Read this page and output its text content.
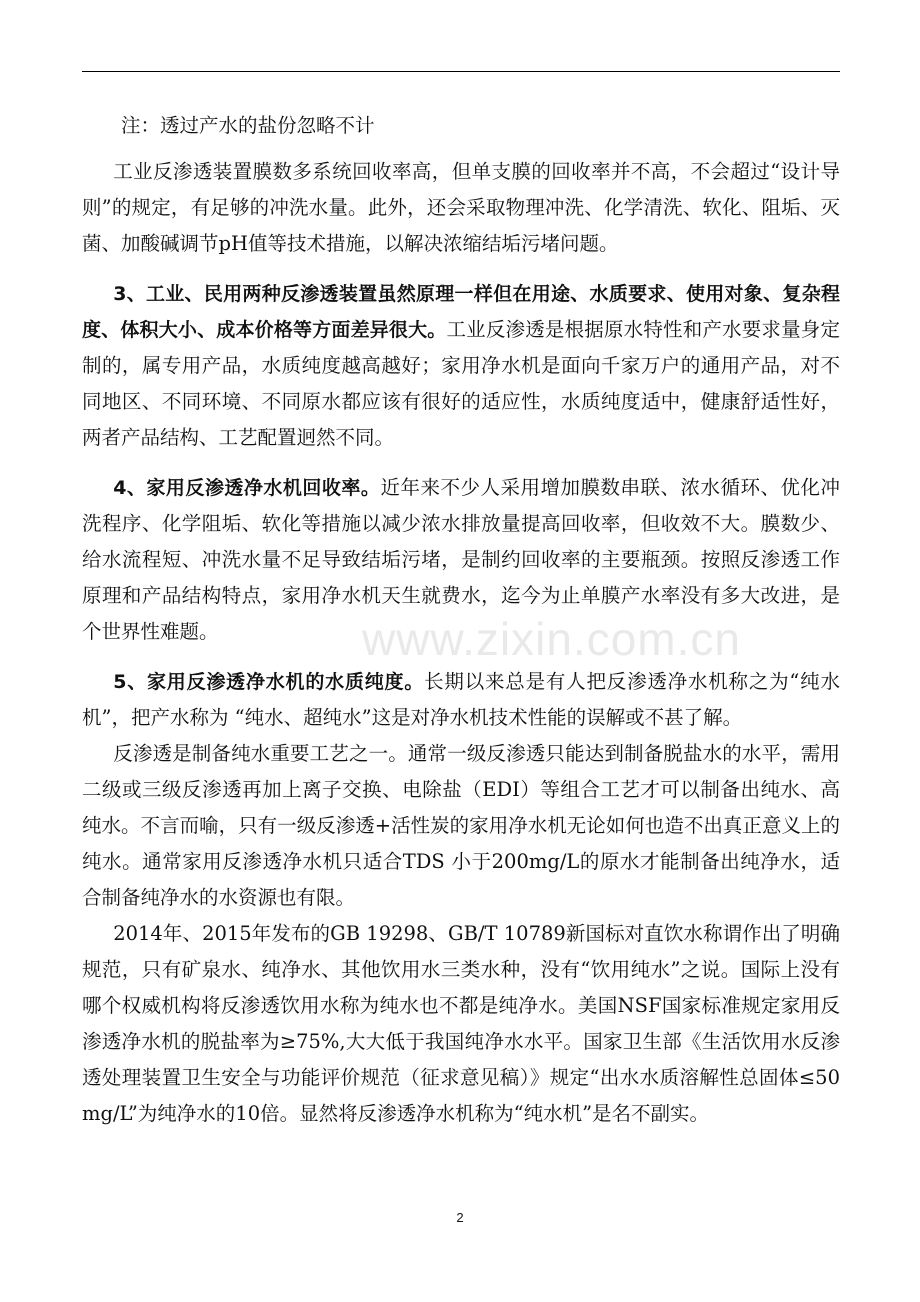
www.zixin.com.cn

注：透过产水的盐份忽略不计

工业反渗透装置膜数多系统回收率高，但单支膜的回收率并不高，不会超过“设计导则”的规定，有足够的冲洗水量。此外，还会采取物理冲洗、化学清洗、软化、阻垢、灭菌、加酸碱调节pH值等技术措施，以解决浓缩结垢污堵问题。

3、工业、民用两种反渗透装置虽然原理一样但在用途、水质要求、使用对象、复杂程度、体积大小、成本价格等方面差异很大。工业反渗透是根据原水特性和产水要求量身定制的，属专用产品，水质纯度越高越好；家用净水机是面向千家万户的通用产品，对不同地区、不同环境、不同原水都应该有很好的适应性，水质纯度适中，健康舒适性好，两者产品结构、工艺配置迥然不同。

4、家用反渗透净水机回收率。近年来不少人采用增加膜数串联、浓水循环、优化冲洗程序、化学阻垢、软化等措施以减少浓水排放量提高回收率，但收效不大。膜数少、给水流程短、冲洗水量不足导致结垢污堵，是制约回收率的主要瓶颈。按照反渗透工作原理和产品结构特点，家用净水机天生就费水，迄今为止单膜产水率没有多大改进，是个世界性难题。

5、家用反渗透净水机的水质纯度。长期以来总是有人把反渗透净水机称之为“纯水机”，把产水称为 “纯水、超纯水”这是对净水机技术性能的误解或不甚了解。

反渗透是制备纯水重要工艺之一。通常一级反渗透只能达到制备脱盐水的水平，需用二级或三级反渗透再加上离子交换、电除盐（EDI）等组合工艺才可以制备出纯水、高纯水。不言而喻，只有一级反渗透+活性炭的家用净水机无论如何也造不出真正意义上的纯水。通常家用反渗透净水机只适合TDS 小于200mg/L的原水才能制备出纯净水，适合制备纯净水的水资源也有限。

2014年、2015年发布的GB 19298、GB/T 10789新国标对直饮水称谓作出了明确规范，只有矿泉水、纯净水、其他饮用水三类水种，没有“饮用纯水”之说。国际上没有哪个权威机构将反渗透饮用水称为纯水也不都是纯净水。美国NSF国家标准规定家用反渗透净水机的脱盐率为≥75%,大大低于我国纯净水水平。国家卫生部《生活饮用水反渗透处理装置卫生安全与功能评价规范（征求意见稿）》规定“出水水质溶解性总固体≤50mg/L”为纯净水的10倍。显然将反渗透净水机称为“纯水机”是名不副实。

2
